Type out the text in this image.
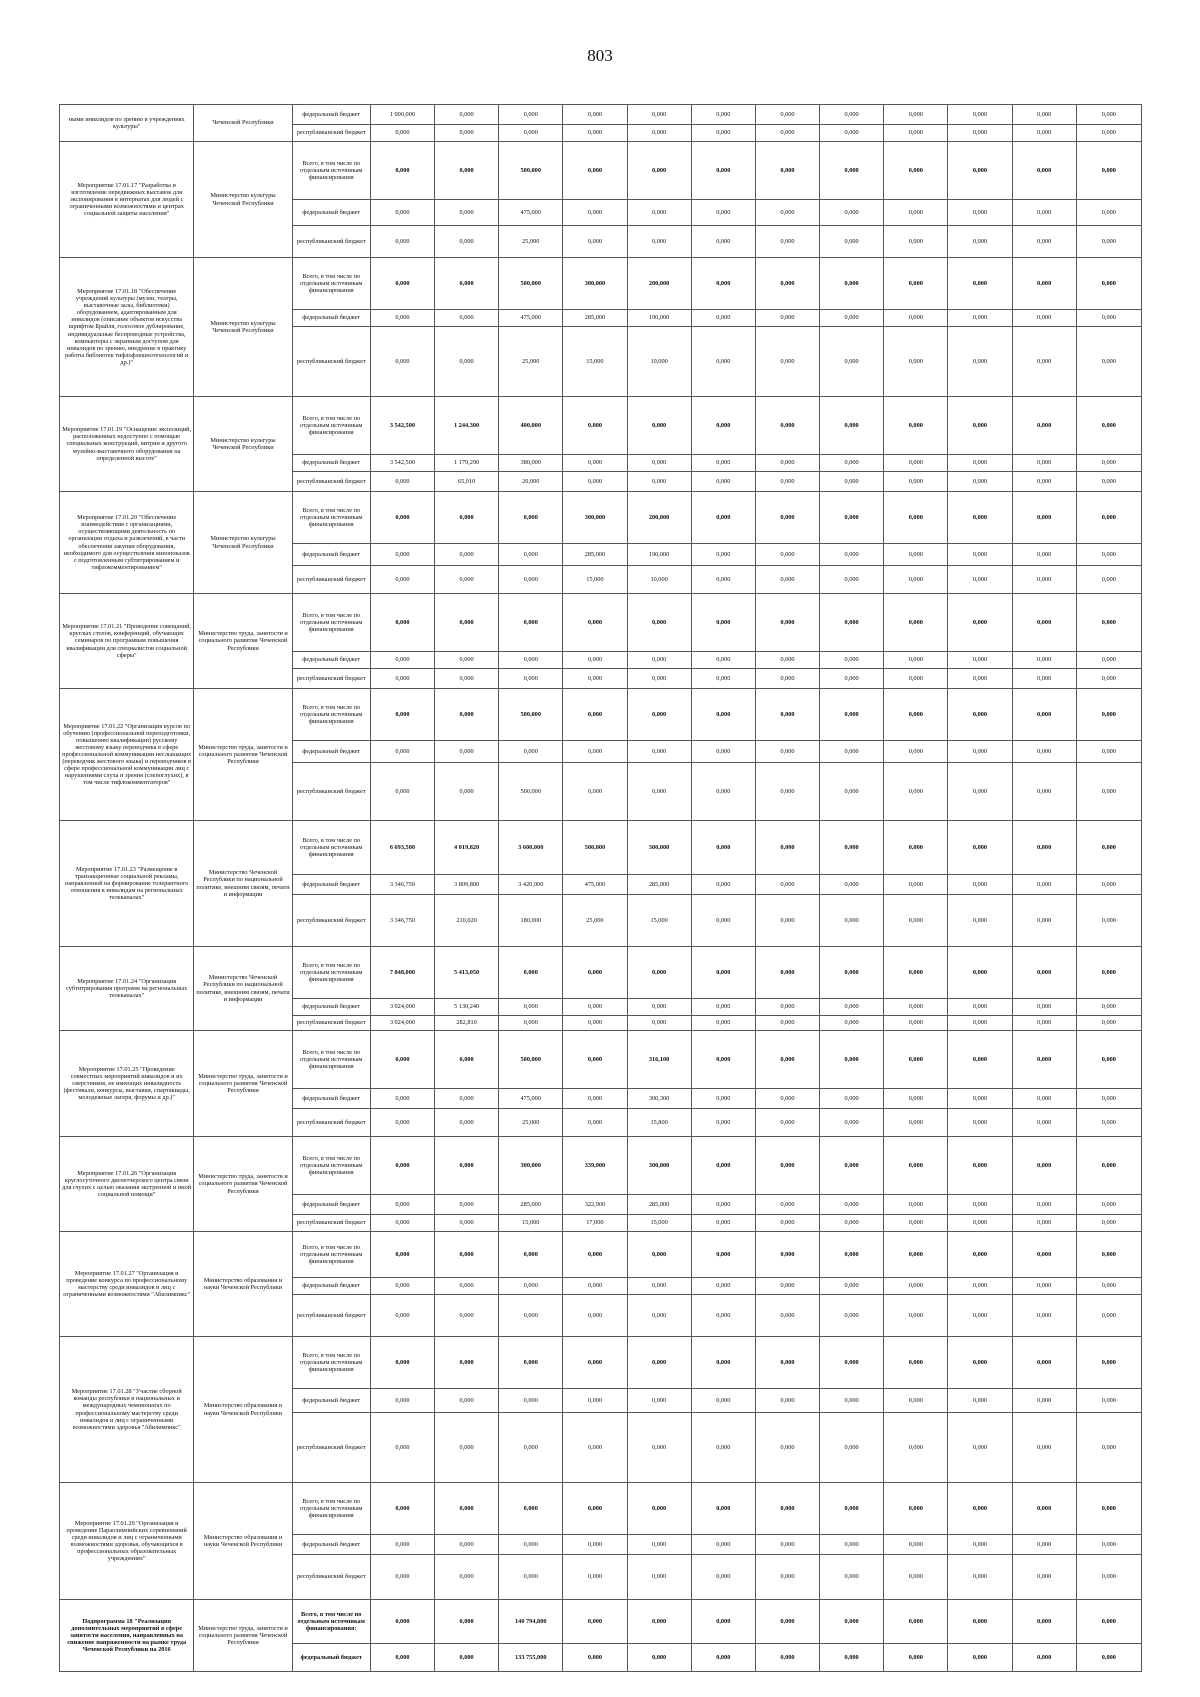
803
ными инвалидов по зрению в учреждениях культуры"	Чеченской Республики	федеральный бюджет	1 000,000	0,000	0,000	0,000	0,000	0,000	0,000	0,000	0,000	0,000	0,000	0,000
		республиканский бюджет	0,000	0,000	0,000	0,000	0,000	0,000	0,000	0,000	0,000	0,000	0,000	0,000
Мероприятие 17.01.17 "Разработка и изготовление передвижных выставок для экспонирования в интернатах для людей с ограниченными возможностями и центрах социальной защиты населения"	Министерство культуры Чеченской Республики	Всего, в том числе по отдельным источникам финансирования	0,000	0,000	500,000	0,000	0,000	0,000	0,000	0,000	0,000	0,000	0,000	0,000
		федеральный бюджет	0,000	0,000	475,000	0,000	0,000	0,000	0,000	0,000	0,000	0,000	0,000	0,000
		республиканский бюджет	0,000	0,000	25,000	0,000	0,000	0,000	0,000	0,000	0,000	0,000	0,000	0,000
Мероприятие 17.01.18 "Обеспечение учреждений культуры (музеи, театры, выставочные залы, библиотеки) оборудованием, адаптированным для инвалидов (описание объектов искусства шрифтом Брайля, голосовое дублирование, индивидуальные беспроводные устройства, компьютеры с экранным доступом для инвалидов по зрению, внедрение в практику работы библиотек тифлофлешнотехнологий и др.)"	Министерство культуры Чеченской Республики	Всего, в том числе по отдельным источникам финансирования	0,000	0,000	500,000	300,000	200,000	0,000	0,000	0,000	0,000	0,000	0,000	0,000
		федеральный бюджет	0,000	0,000	475,000	285,000	190,000	0,000	0,000	0,000	0,000	0,000	0,000	0,000
		республиканский бюджет	0,000	0,000	25,000	15,000	10,000	0,000	0,000	0,000	0,000	0,000	0,000	0,000
Мероприятие 17.01.19 "Оснащение экспозиций, расположенных недоступно с помощью специальных конструкций, витрин и другого музейно-выставочного оборудования на определенной высоте"	Министерство культуры Чеченской Республики	Всего, в том числе по отдельным источникам финансирования	3 542,500	1 244,300	400,000	0,000	0,000	0,000	0,000	0,000	0,000	0,000	0,000	0,000
		федеральный бюджет	3 542,500	1 179,290	380,000	0,000	0,000	0,000	0,000	0,000	0,000	0,000	0,000	0,000
		республиканский бюджет	0,000	65,010	20,000	0,000	0,000	0,000	0,000	0,000	0,000	0,000	0,000	0,000
Мероприятие 17.01.20 "Обеспечение взаимодействия с организациями, осуществляющими деятельность по организации отдыха и развлечений, в части обеспечения закупки оборудования, необходимого для осуществления кинопоказов с подготовленным субтитрированием и тифлокомментированием"	Министерство культуры Чеченской Республики	Всего, в том числе по отдельным источникам финансирования	0,000	0,000	0,000	300,000	200,000	0,000	0,000	0,000	0,000	0,000	0,000	0,000
		федеральный бюджет	0,000	0,000	0,000	285,000	190,000	0,000	0,000	0,000	0,000	0,000	0,000	0,000
		республиканский бюджет	0,000	0,000	0,000	15,000	10,000	0,000	0,000	0,000	0,000	0,000	0,000	0,000
Мероприятие 17.01.21 "Проведение совещаний, круглых столов, конференций, обучающих семинаров по программам повышения квалификации для специалистов социальной сферы"	Министерство труда, занятости и социального развития Чеченской Республики	Всего, в том числе по отдельным источникам финансирования	0,000	0,000	0,000	0,000	0,000	0,000	0,000	0,000	0,000	0,000	0,000	0,000
		федеральный бюджет	0,000	0,000	0,000	0,000	0,000	0,000	0,000	0,000	0,000	0,000	0,000	0,000
		республиканский бюджет	0,000	0,000	0,000	0,000	0,000	0,000	0,000	0,000	0,000	0,000	0,000	0,000
Мероприятие 17.01.22 "Организация курсов по обучению (профессиональной переподготовки, повышению квалификации) русскому жестовому языку переводчика в сфере профессиональной коммуникации неслышащих (переводчик жестового языка) и переводчиков в сфере профессиональной коммуникации лиц с нарушениями слуха и зрения (слепоглухих), в том числе тифлокомментаторов"	Министерство труда, занятости и социального развития Чеченской Республики	Всего, в том числе по отдельным источникам финансирования	0,000	0,000	500,000	0,000	0,000	0,000	0,000	0,000	0,000	0,000	0,000	0,000
		федеральный бюджет	0,000	0,000	0,000	0,000	0,000	0,000	0,000	0,000	0,000	0,000	0,000	0,000
		республиканский бюджет	0,000	0,000	500,000	0,000	0,000	0,000	0,000	0,000	0,000	0,000	0,000	0,000
Мероприятие 17.01.23 "Размещение в транзакционные социальной рекламы, направленной на формирование толерантного отношения к инвалидам на региональных телеканалах"	Министерство Чеченской Республики по национальной политике, внешним связям, печати и информации	Всего, в том числе по отдельным источникам финансирования	6 693,500	4 019,820	3 600,000	500,000	300,000	0,000	0,000	0,000	0,000	0,000	0,000	0,000
		федеральный бюджет	3 346,750	3 809,800	3 420,000	475,000	285,000	0,000	0,000	0,000	0,000	0,000	0,000	0,000
		республиканский бюджет	3 346,750	210,020	180,000	25,000	15,000	0,000	0,000	0,000	0,000	0,000	0,000	0,000
Мероприятие 17.01.24 "Организация субтитрирования программ на региональных телеканалах"	Министерство Чеченской Республики по национальной политике, внешним связям, печати и информации	Всего, в том числе по отдельным источникам финансирования	7 848,000	5 413,050	0,000	0,000	0,000	0,000	0,000	0,000	0,000	0,000	0,000	0,000
		федеральный бюджет	3 924,000	5 130,240	0,000	0,000	0,000	0,000	0,000	0,000	0,000	0,000	0,000	0,000
		республиканский бюджет	3 924,000	282,810	0,000	0,000	0,000	0,000	0,000	0,000	0,000	0,000	0,000	0,000
Мероприятие 17.01.25 "Проведение совместных мероприятий инвалидов и их сверстников, не имеющих инвалидность (фестивали, конкурсы, выставки, спартакиады, молодежные лагеря, форумы и др.)"	Министерство труда, занятости и социального развития Чеченской Республики	Всего, в том числе по отдельным источникам финансирования	0,000	0,000	500,000	0,000	316,100	0,000	0,000	0,000	0,000	0,000	0,000	0,000
		федеральный бюджет	0,000	0,000	475,000	0,000	300,300	0,000	0,000	0,000	0,000	0,000	0,000	0,000
		республиканский бюджет	0,000	0,000	25,000	0,000	15,800	0,000	0,000	0,000	0,000	0,000	0,000	0,000
Мероприятие 17.01.26 "Организация круглосуточного диспетчерского центра связи для глухих с целью оказания экстренной и иной социальной помощи"	Министерство труда, занятости и социального развития Чеченской Республики	Всего, в том числе по отдельным источникам финансирования	0,000	0,000	300,000	339,900	300,000	0,000	0,000	0,000	0,000	0,000	0,000	0,000
		федеральный бюджет	0,000	0,000	285,000	322,900	285,000	0,000	0,000	0,000	0,000	0,000	0,000	0,000
		республиканский бюджет	0,000	0,000	15,000	17,000	15,000	0,000	0,000	0,000	0,000	0,000	0,000	0,000
Мероприятие 17.01.27 "Организация и проведение конкурса по профессиональному мастерству среди инвалидов и лиц с ограниченными возможностями "Абилимпикс"	Министерство образования и науки Чеченской Республики	Всего, в том числе по отдельным источникам финансирования	0,000	0,000	0,000	0,000	0,000	0,000	0,000	0,000	0,000	0,000	0,000	0,000
		федеральный бюджет	0,000	0,000	0,000	0,000	0,000	0,000	0,000	0,000	0,000	0,000	0,000	0,000
		республиканский бюджет	0,000	0,000	0,000	0,000	0,000	0,000	0,000	0,000	0,000	0,000	0,000	0,000
Мероприятие 17.01.28 "Участие сборной команды республики в национальных и международных чемпионатах по профессиональному мастерству среди инвалидов и лиц с ограниченными возможностями здоровья "Абилимпикс"	Министерство образования и науки Чеченской Республики	Всего, в том числе по отдельным источникам финансирования	0,000	0,000	0,000	0,000	0,000	0,000	0,000	0,000	0,000	0,000	0,000	0,000
		федеральный бюджет	0,000	0,000	0,000	0,000	0,000	0,000	0,000	0,000	0,000	0,000	0,000	0,000
		республиканский бюджет	0,000	0,000	0,000	0,000	0,000	0,000	0,000	0,000	0,000	0,000	0,000	0,000
Мероприятие 17.01.29 "Организация и проведение Параолимпийских соревнований среди инвалидов и лиц с ограниченными возможностями здоровья, обучающихся в профессиональных образовательных учреждениях"	Министерство образования и науки Чеченской Республики	Всего, в том числе по отдельным источникам финансирования	0,000	0,000	0,000	0,000	0,000	0,000	0,000	0,000	0,000	0,000	0,000	0,000
		федеральный бюджет	0,000	0,000	0,000	0,000	0,000	0,000	0,000	0,000	0,000	0,000	0,000	0,000
		республиканский бюджет	0,000	0,000	0,000	0,000	0,000	0,000	0,000	0,000	0,000	0,000	0,000	0,000
Подпрограмма 18 "Реализация дополнительных мероприятий в сфере занятости населения, направленных на снижение напряженности на рынке труда Чеченской Республики на 2016	Министерство труда, занятости и социального развития Чеченской Республики	Всего, в том числе по отдельным источникам финансирования:	0,000	0,000	140 794,800	0,000	0,000	0,000	0,000	0,000	0,000	0,000	0,000	0,000
		федеральный бюджет	0,000	0,000	133 755,000	0,000	0,000	0,000	0,000	0,000	0,000	0,000	0,000	0,000
